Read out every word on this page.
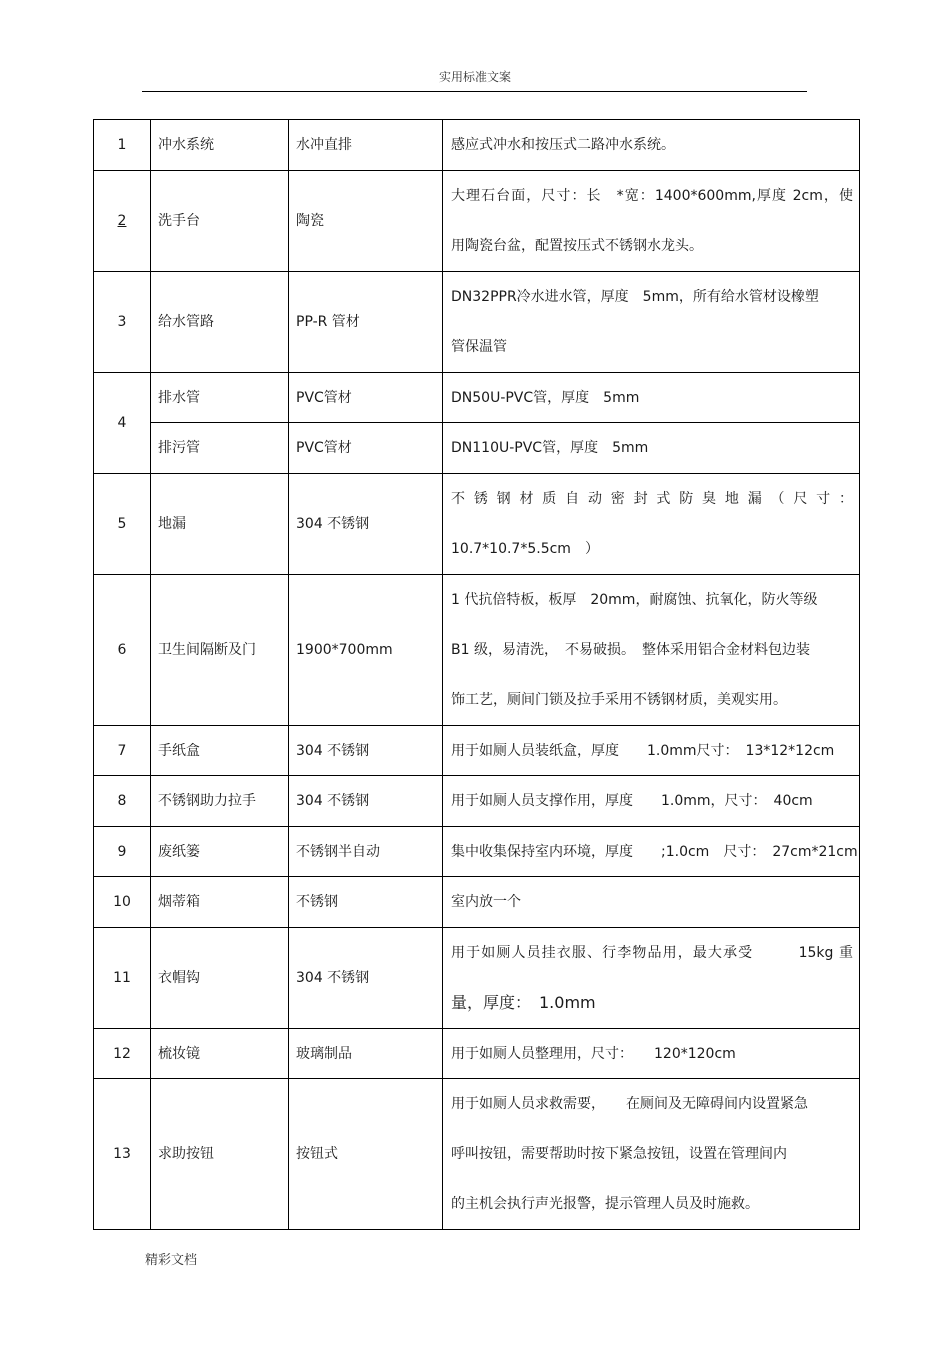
实用标准文案
1	冲水系统	水冲直排	感应式冲水和按压式二路冲水系统。

2	洗手台	陶瓷	大理石台面，尺寸：长　*宽：1400*600mm,厚度 2cm，使
用陶瓷台盆，配置按压式不锈钢水龙头。

3	给水管路	PP-R 管材	DN32PPR冷水进水管，厚度　5mm，所有给水管材设橡塑
管保温管

4	排水管	PVC管材	DN50U-PVC管，厚度　5mm

	排污管	PVC管材	DN110U-PVC管，厚度　5mm

5	地漏	304 不锈钢	不锈钢材质自动密封式防臭地漏（尺寸：
10.7*10.7*5.5cm　）

6	卫生间隔断及门	1900*700mm	1 代抗倍特板，板厚　20mm，耐腐蚀、抗氧化，防火等级
B1 级，易清洗，　不易破损。　整体采用铝合金材料包边装
饰工艺，厕间门锁及拉手采用不锈钢材质，美观实用。

7	手纸盒	304 不锈钢	用于如厕人员装纸盒，厚度　　1.0mm尺寸：　13*12*12cm

8	不锈钢助力拉手	304 不锈钢	用于如厕人员支撑作用，厚度　　1.0mm，尺寸：　40cm

9	废纸篓	不锈钢半自动	集中收集保持室内环境，厚度　　;1.0cm　尺寸：　27cm*21cm

10	烟蒂箱	不锈钢	室内放一个

11	衣帽钩	304 不锈钢	用于如厕人员挂衣服、行李物品用，最大承受　　　15kg 重
量，厚度：　1.0mm

12	梳妆镜	玻璃制品	用于如厕人员整理用，尺寸：　　120*120cm

13	求助按钮	按钮式	用于如厕人员求救需要，　　在厕间及无障碍间内设置紧急
呼叫按钮，需要帮助时按下紧急按钮，设置在管理间内
的主机会执行声光报警，提示管理人员及时施救。
精彩文档
